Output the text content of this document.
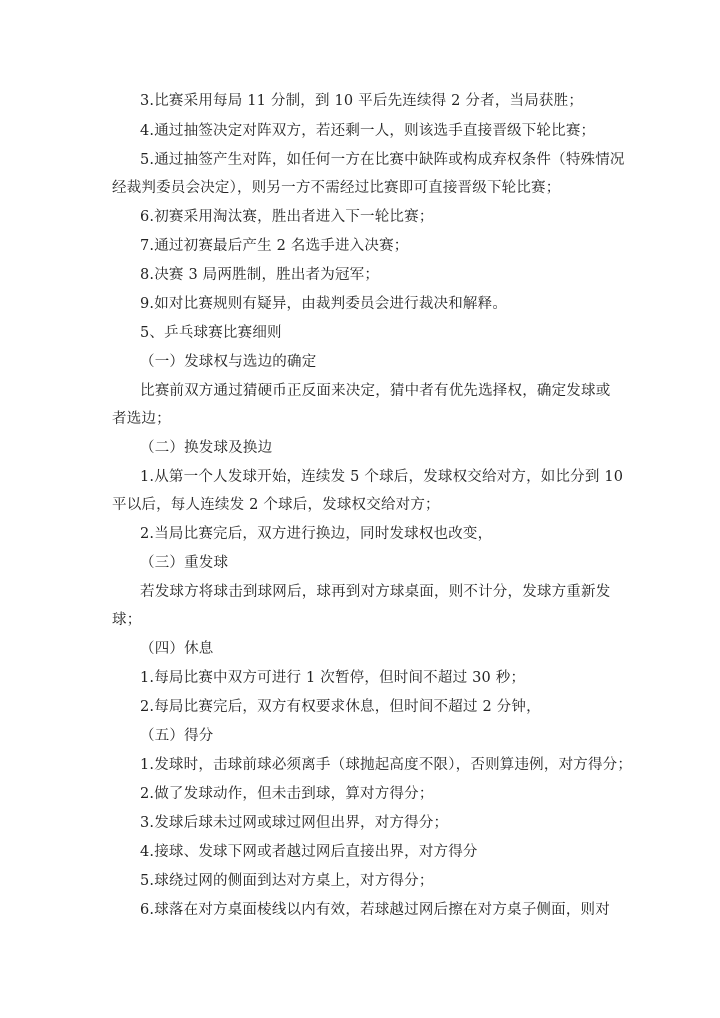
3.比赛采用每局 11 分制，到 10 平后先连续得 2 分者，当局获胜；
4.通过抽签决定对阵双方，若还剩一人，则该选手直接晋级下轮比赛；
5.通过抽签产生对阵，如任何一方在比赛中缺阵或构成弃权条件（特殊情况
经裁判委员会决定），则另一方不需经过比赛即可直接晋级下轮比赛；
6.初赛采用淘汰赛，胜出者进入下一轮比赛；
7.通过初赛最后产生 2 名选手进入决赛；
8.决赛 3 局两胜制，胜出者为冠军；
9.如对比赛规则有疑异，由裁判委员会进行裁决和解释。
5、乒乓球赛比赛细则
（一）发球权与选边的确定
比赛前双方通过猜硬币正反面来决定，猜中者有优先选择权，确定发球或
者选边；
（二）换发球及换边
1.从第一个人发球开始，连续发 5 个球后，发球权交给对方，如比分到 10
平以后，每人连续发 2 个球后，发球权交给对方；
2.当局比赛完后，双方进行换边，同时发球权也改变，
（三）重发球
若发球方将球击到球网后，球再到对方球桌面，则不计分，发球方重新发
球；
（四）休息
1.每局比赛中双方可进行 1 次暂停，但时间不超过 30 秒；
2.每局比赛完后，双方有权要求休息，但时间不超过 2 分钟，
（五）得分
1.发球时，击球前球必须离手（球抛起高度不限），否则算违例，对方得分；
2.做了发球动作，但未击到球，算对方得分；
3.发球后球未过网或球过网但出界，对方得分；
4.接球、发球下网或者越过网后直接出界，对方得分
5.球绕过网的侧面到达对方桌上，对方得分；
6.球落在对方桌面棱线以内有效，若球越过网后擦在对方桌子侧面，则对
